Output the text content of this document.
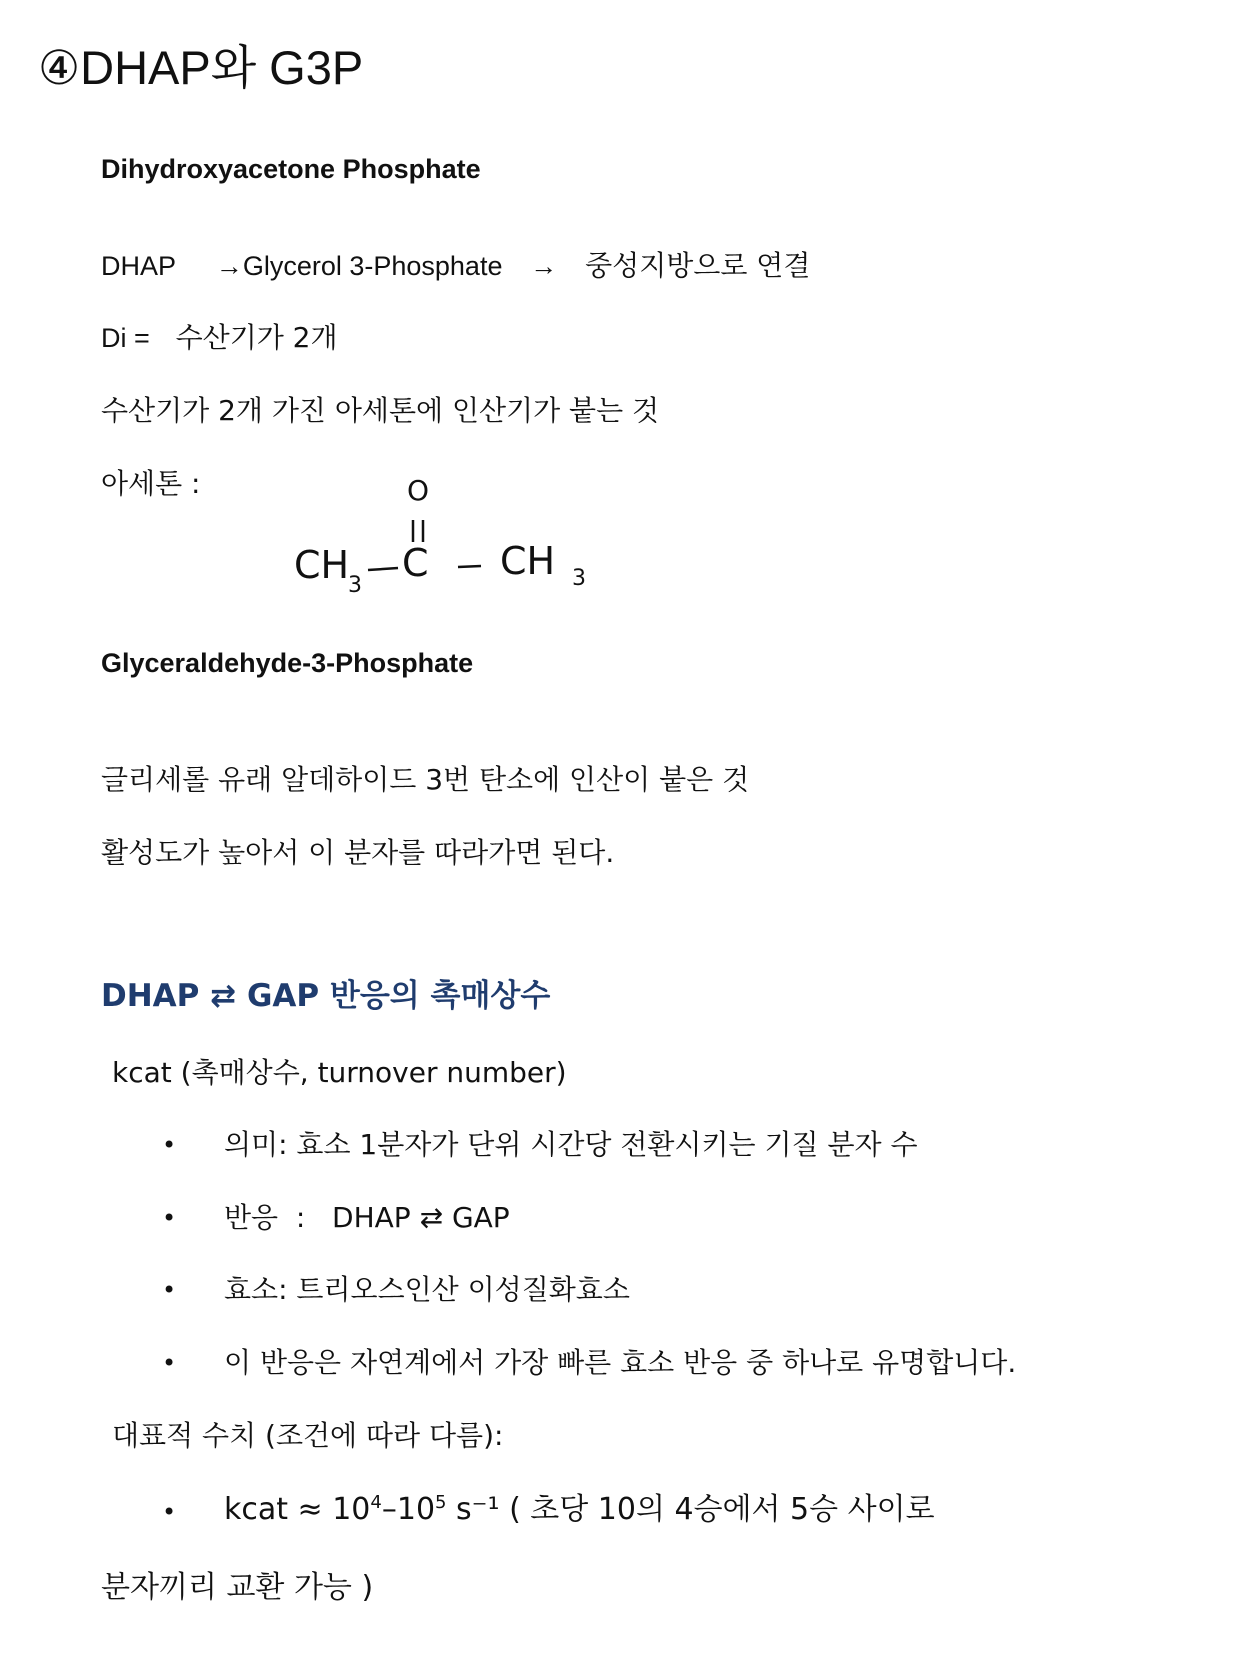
④DHAP와 G3P
Dihydroxyacetone Phosphate
DHAP →Glycerol 3-Phosphate → 중성지방으로 연결
Di = 수산기가 2개
수산기가 2개 가진 아세톤에 인산기가 붙는 것
아세톤 :	O
CH
3
C CH 3
Glyceraldehyde-3-Phosphate
글리세롤 유래 알데하이드 3번 탄소에 인산이 붙은 것
활성도가 높아서 이 분자를 따라가면 된다.
DHAP ⇄ GAP 반응의 촉매상수
kcat (촉매상수, turnover number)
• 의미: 효소 1분자가 단위 시간당 전환시키는 기질 분자 수
• 반응  :   DHAP ⇄ GAP
• 효소: 트리오스인산 이성질화효소
• 이 반응은 자연계에서 가장 빠른 효소 반응 중 하나로 유명합니다.
대표적 수치 (조건에 따라 다름):
• kcat ≈ $10^4-10^5$ s⁻¹ ( 초당 10의 4승에서 5승 사이로
분자끼리 교환 가능 )
